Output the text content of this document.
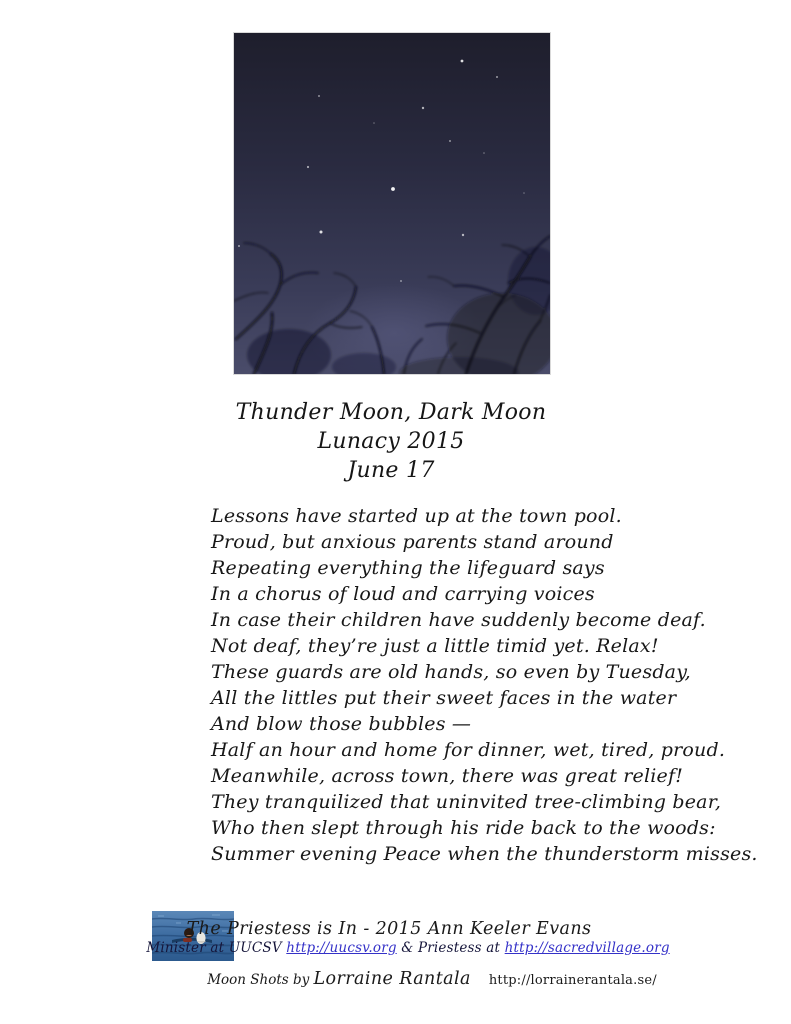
Thunder Moon, Dark Moon
Lunacy 2015
June 17
Lessons have started up at the town pool.
Proud, but anxious parents stand around
Repeating everything the lifeguard says
In a chorus of loud and carrying voices
In case their children have suddenly become deaf.
Not deaf, they’re just a little timid yet. Relax!
These guards are old hands, so even by Tuesday,
All the littles put their sweet faces in the water
And blow those bubbles —
Half an hour and home for dinner, wet, tired, proud.
Meanwhile, across town, there was great relief!
They tranquilized that uninvited tree-climbing bear,
Who then slept through his ride back to the woods:
Summer evening Peace when the thunderstorm misses.
The Priestess is In - 2015 Ann Keeler Evans
Minister at UUCSV http://uucsv.org & Priestess at http://sacredvillage.org
Moon Shots by Lorraine Rantala http://lorrainerantala.se/
